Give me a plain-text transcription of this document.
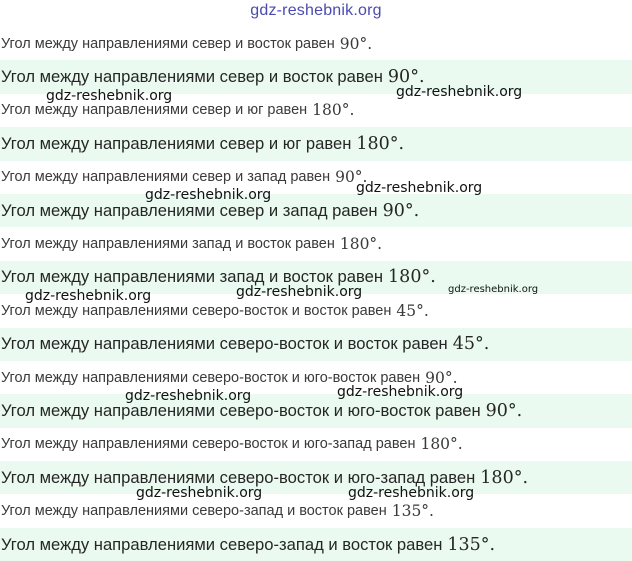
gdz-reshebnik.org
Угол между направлениями север и восток равен 90°.
Угол между направлениями север и восток равен 90°.
Угол между направлениями север и юг равен 180°.
Угол между направлениями север и юг равен 180°.
Угол между направлениями север и запад равен 90°.
Угол между направлениями север и запад равен 90°.
Угол между направлениями запад и восток равен 180°.
Угол между направлениями запад и восток равен 180°.
Угол между направлениями северо-восток и восток равен 45°.
Угол между направлениями северо-восток и восток равен 45°.
Угол между направлениями северо-восток и юго-восток равен 90°.
Угол между направлениями северо-восток и юго-восток равен 90°.
Угол между направлениями северо-восток и юго-запад равен 180°.
Угол между направлениями северо-восток и юго-запад равен 180°.
Угол между направлениями северо-запад и восток равен 135°.
Угол между направлениями северо-запад и восток равен 135°.
gdz-reshebnik.org	gdz-reshebnik.org
gdz-reshebnik.org	gdz-reshebnik.org
gdz-reshebnik.org	gdz-reshebnik.org	gdz-reshebnik.org
gdz-reshebnik.org	gdz-reshebnik.org
gdz-reshebnik.org	gdz-reshebnik.org
